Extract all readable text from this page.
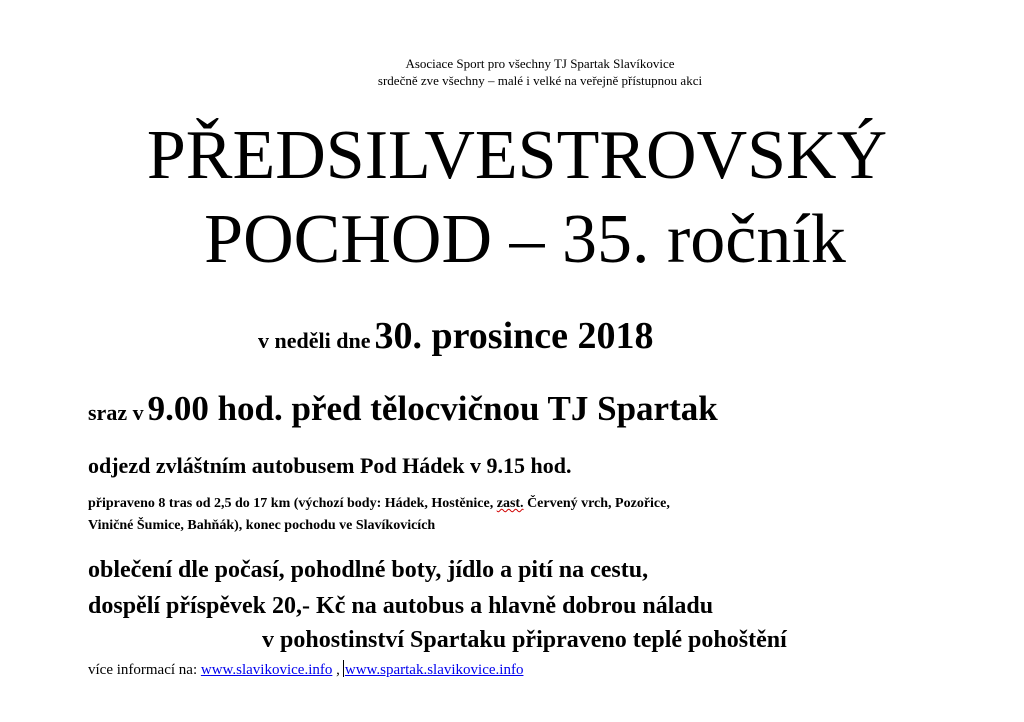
Asociace Sport pro všechny TJ Spartak Slavíkovice
srdečně zve všechny – malé i velké na veřejně přístupnou akci
PŘEDSILVESTROVSKÝ
POCHOD – 35. ročník
v neděli dne 30. prosince 2018
sraz v 9.00 hod. před tělocvičnou TJ Spartak
odjezd zvláštním autobusem Pod Hádek v 9.15 hod.
připraveno 8 tras od 2,5 do 17 km (výchozí body: Hádek, Hostěnice, zast. Červený vrch, Pozořice,
Viničné Šumice, Bahňák), konec pochodu ve Slavíkovicích
oblečení dle počasí, pohodlné boty, jídlo a pití na cestu,
dospělí příspěvek 20,- Kč na autobus a hlavně dobrou náladu
v pohostinství Spartaku připraveno teplé pohoštění
více informací na: www.slavikovice.info , www.spartak.slavikovice.info
